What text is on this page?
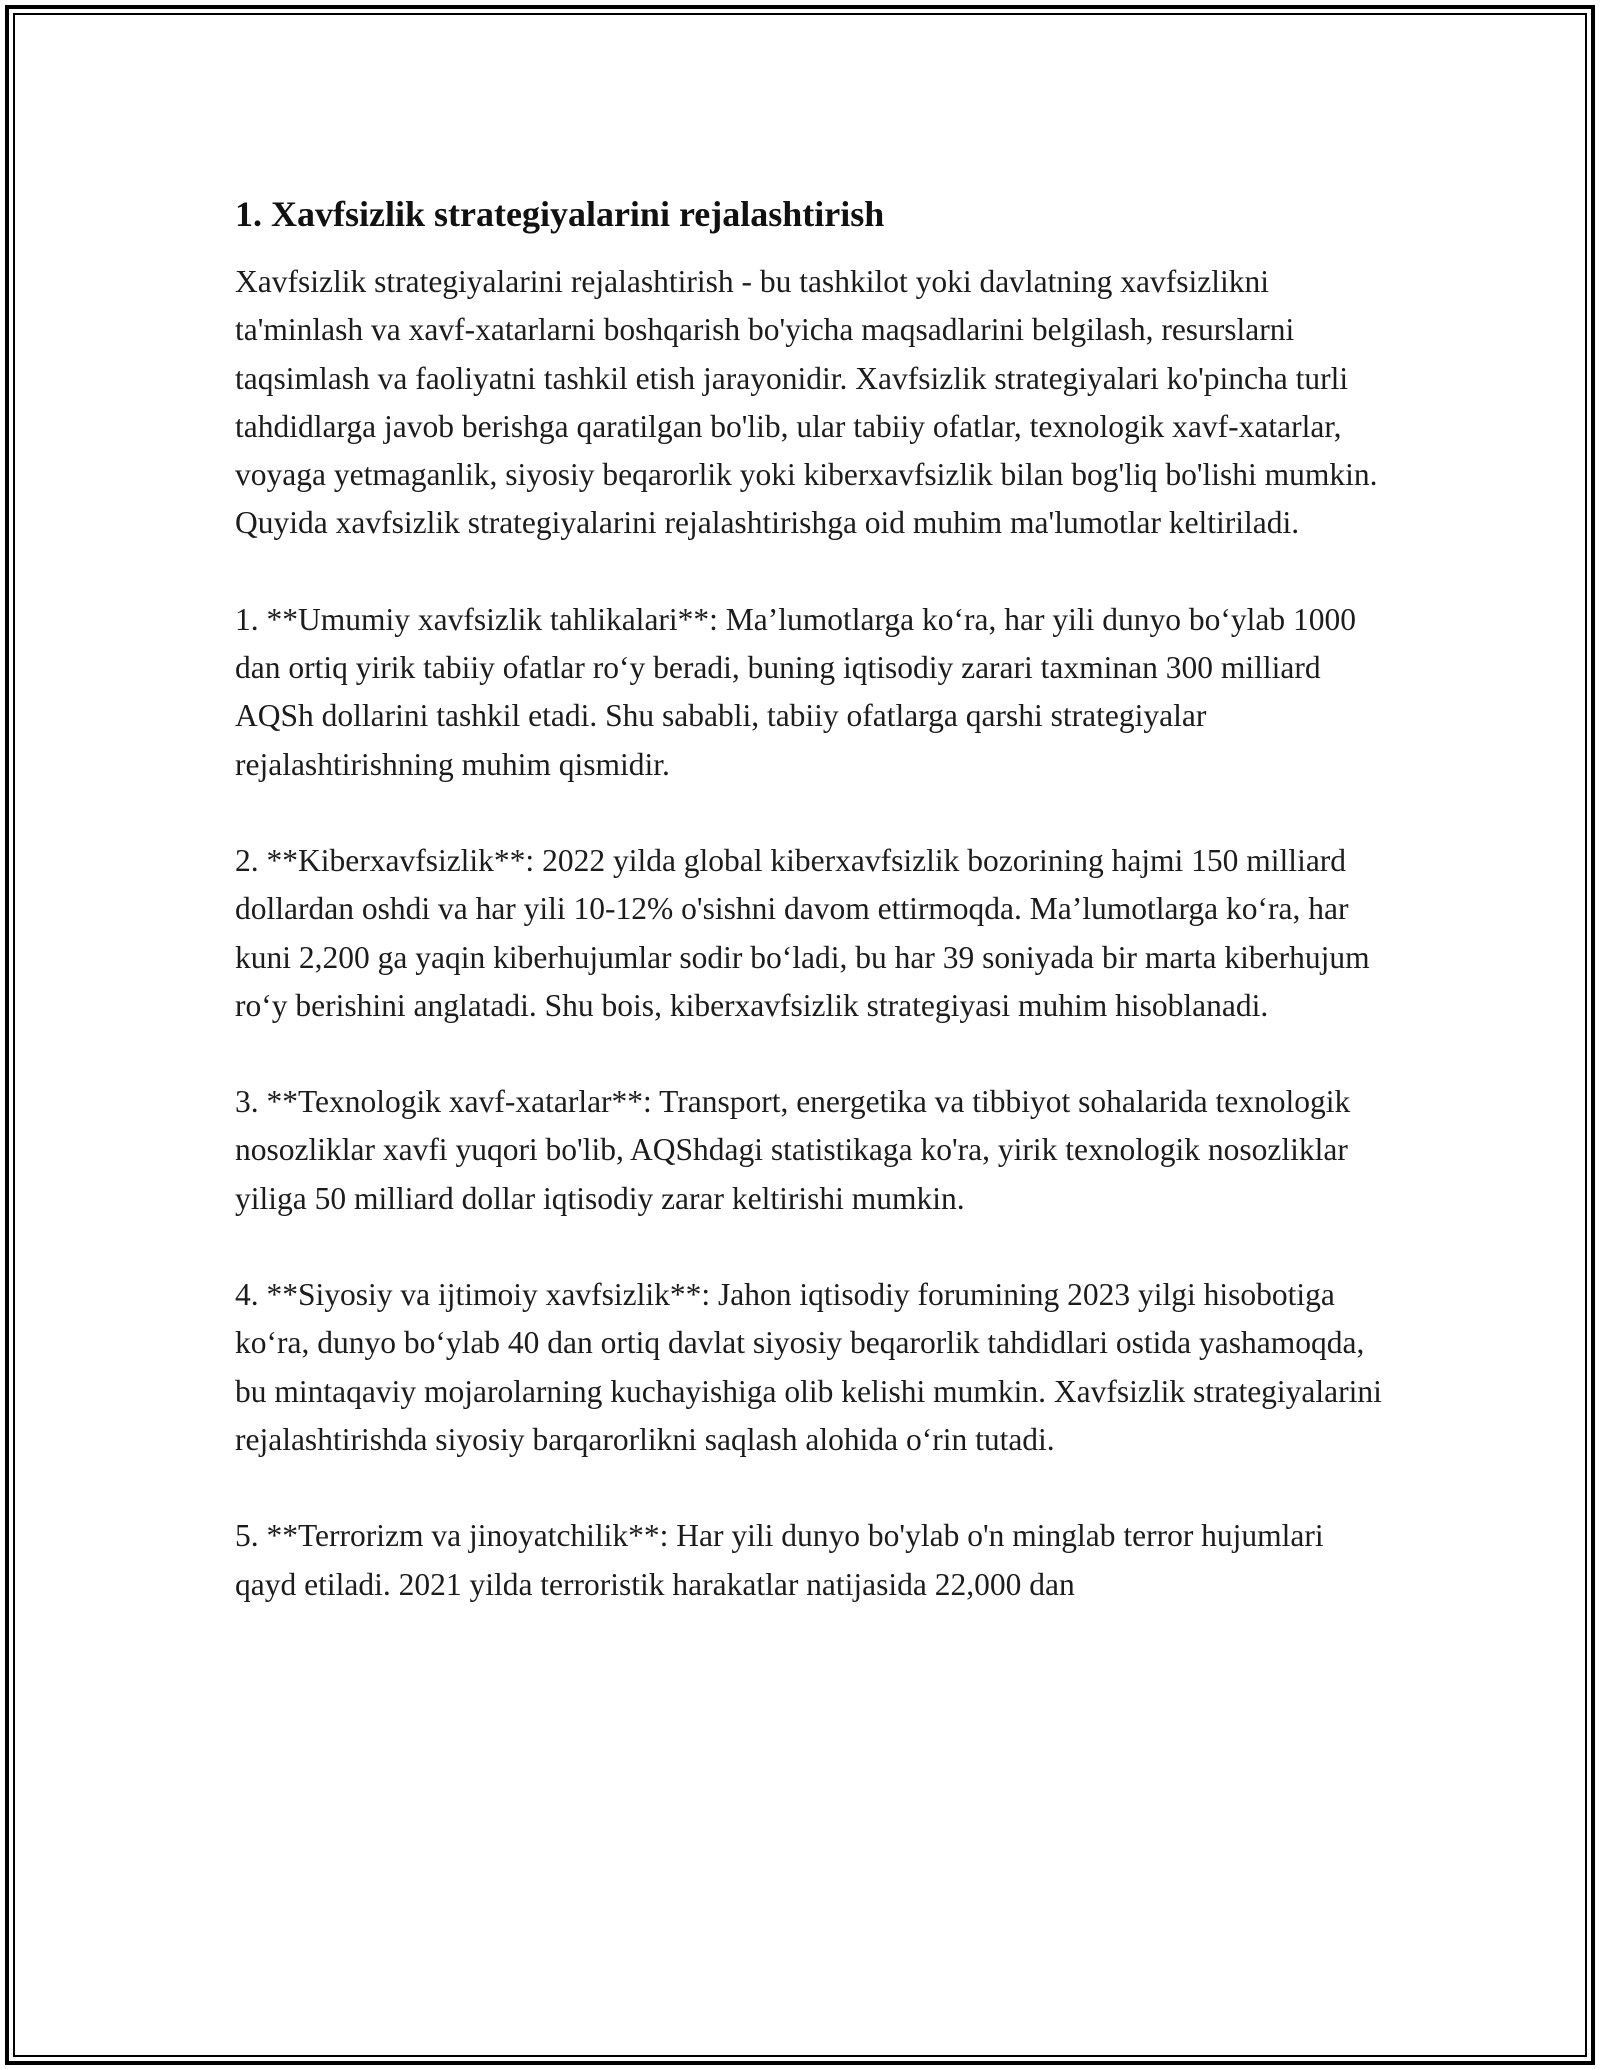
1. Xavfsizlik strategiyalarini rejalashtirish

Xavfsizlik strategiyalarini rejalashtirish - bu tashkilot yoki davlatning xavfsizlikni ta'minlash va xavf-xatarlarni boshqarish bo'yicha maqsadlarini belgilash, resurslarni taqsimlash va faoliyatni tashkil etish jarayonidir. Xavfsizlik strategiyalari ko'pincha turli tahdidlarga javob berishga qaratilgan bo'lib, ular tabiiy ofatlar, texnologik xavf-xatarlar, voyaga yetmaganlik, siyosiy beqarorlik yoki kiberxavfsizlik bilan bog'liq bo'lishi mumkin. Quyida xavfsizlik strategiyalarini rejalashtirishga oid muhim ma'lumotlar keltiriladi.

1. **Umumiy xavfsizlik tahlikalari**: Ma’lumotlarga ko‘ra, har yili dunyo bo‘ylab 1000 dan ortiq yirik tabiiy ofatlar ro‘y beradi, buning iqtisodiy zarari taxminan 300 milliard AQSh dollarini tashkil etadi. Shu sababli, tabiiy ofatlarga qarshi strategiyalar rejalashtirishning muhim qismidir.

2. **Kiberxavfsizlik**: 2022 yilda global kiberxavfsizlik bozorining hajmi 150 milliard dollardan oshdi va har yili 10-12% o'sishni davom ettirmoqda. Ma’lumotlarga ko‘ra, har kuni 2,200 ga yaqin kiberhujumlar sodir bo‘ladi, bu har 39 soniyada bir marta kiberhujum ro‘y berishini anglatadi. Shu bois, kiberxavfsizlik strategiyasi muhim hisoblanadi.

3. **Texnologik xavf-xatarlar**: Transport, energetika va tibbiyot sohalarida texnologik nosozliklar xavfi yuqori bo'lib, AQShdagi statistikaga ko'ra, yirik texnologik nosozliklar yiliga 50 milliard dollar iqtisodiy zarar keltirishi mumkin.

4. **Siyosiy va ijtimoiy xavfsizlik**: Jahon iqtisodiy forumining 2023 yilgi hisobotiga ko‘ra, dunyo bo‘ylab 40 dan ortiq davlat siyosiy beqarorlik tahdidlari ostida yashamoqda, bu mintaqaviy mojarolarning kuchayishiga olib kelishi mumkin. Xavfsizlik strategiyalarini rejalashtirishda siyosiy barqarorlikni saqlash alohida o‘rin tutadi.

5. **Terrorizm va jinoyatchilik**: Har yili dunyo bo'ylab o'n minglab terror hujumlari qayd etiladi. 2021 yilda terroristik harakatlar natijasida 22,000 dan
